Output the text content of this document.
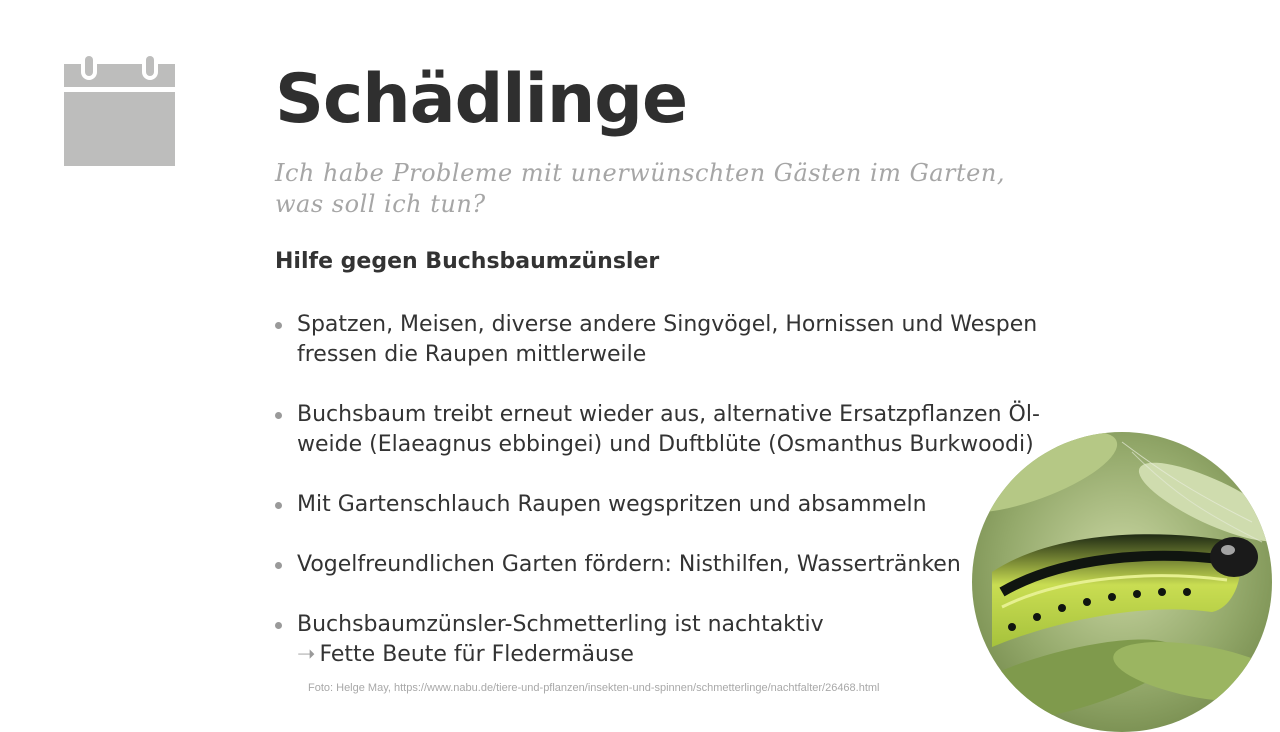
Schädlinge

Ich habe Probleme mit unerwünschten Gästen im Garten, was soll ich tun?

Hilfe gegen Buchsbaumzünsler
Spatzen, Meisen, diverse andere Singvögel, Hornissen und Wespen
fressen die Raupen mittlerweile
Buchsbaum treibt erneut wieder aus, alternative Ersatzpflanzen Öl-
weide (Elaeagnus ebbingei) und Duftblüte (Osmanthus Burkwoodi)
Mit Gartenschlauch Raupen wegspritzen und absammeln
Vogelfreundlichen Garten fördern: Nisthilfen, Wassertränken
Buchsbaumzünsler-Schmetterling ist nachtaktiv
➝ Fette Beute für Fledermäuse

Foto: Helge May, https://www.nabu.de/tiere-und-pflanzen/insekten-und-spinnen/schmetterlinge/nachtfalter/26468.html
